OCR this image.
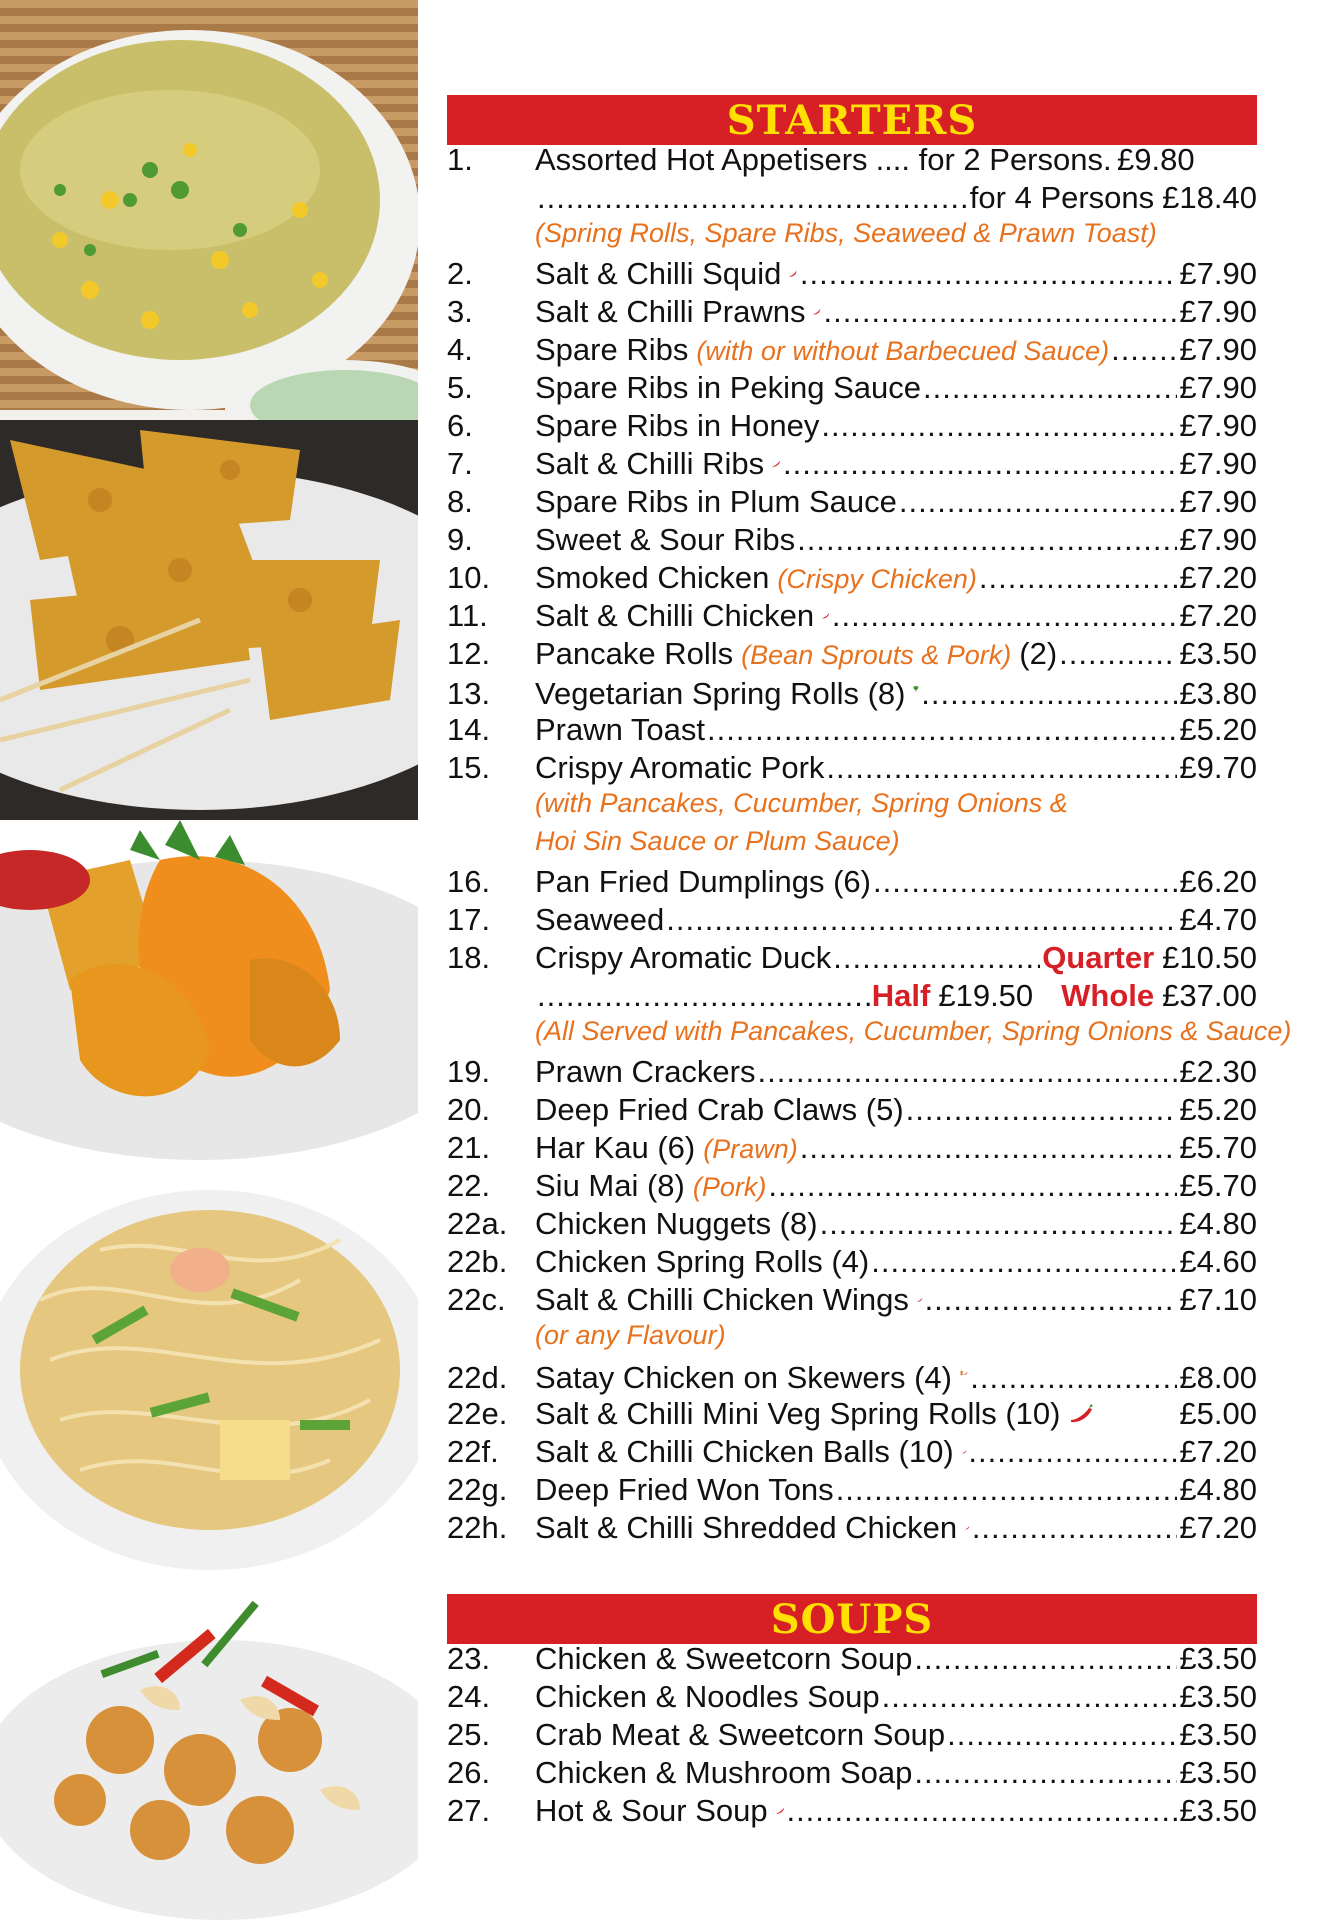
STARTERS
1.	Assorted Hot Appetisers .... for 2 Persons ..... £9.80
.....
for 4 Persons £18.40
(Spring Rolls, Spare Ribs, Seaweed & Prawn Toast)
2.	Salt & Chilli Squid .....	£7.90
3.	Salt & Chilli Prawns .....	£7.90
4.	Spare Ribs (with or without Barbecued Sauce) ..... £7.90
5.	Spare Ribs in Peking Sauce .....	£7.90
6.	Spare Ribs in Honey .....	£7.90
7.	Salt & Chilli Ribs .....	£7.90
8.	Spare Ribs in Plum Sauce .....	£7.90
9.	Sweet & Sour Ribs .....	£7.90
10.	Smoked Chicken (Crispy Chicken) .....	£7.20
11.	Salt & Chilli Chicken .....	£7.20
12.	Pancake Rolls (Bean Sprouts & Pork) (2) .....	£3.50
13.	Vegetarian Spring Rolls (8) .....	£3.80
14.	Prawn Toast .....	£5.20
15.	Crispy Aromatic Pork .....	£9.70
(with Pancakes, Cucumber, Spring Onions &
Hoi Sin Sauce or Plum Sauce)
16.	Pan Fried Dumplings (6) .....	£6.20
17.	Seaweed .....	£4.70
18.	Crispy Aromatic Duck .....	Quarter £10.50
.....
Half £19.50 Whole £37.00
(All Served with Pancakes, Cucumber, Spring Onions & Sauce)
19.	Prawn Crackers .....	£2.30
20.	Deep Fried Crab Claws (5) .....	£5.20
21.	Har Kau (6) (Prawn) .....	£5.70
22.	Siu Mai (8) (Pork) .....	£5.70
22a. Chicken Nuggets (8) .....	£4.80
22b. Chicken Spring Rolls (4) .....	£4.60
22c. Salt & Chilli Chicken Wings .....	£7.10
(or any Flavour)
22d. Satay Chicken on Skewers (4) .....	£8.00
22e. Salt & Chilli Mini Veg Spring Rolls (10)	£5.00
22f.	Salt & Chilli Chicken Balls (10) .....	£7.20
22g. Deep Fried Won Tons .....	£4.80
22h. Salt & Chilli Shredded Chicken .....	£7.20
SOUPS
23.	Chicken & Sweetcorn Soup .....	£3.50
24.	Chicken & Noodles Soup .....	£3.50
25.	Crab Meat & Sweetcorn Soup .....	£3.50
26.	Chicken & Mushroom Soap .....	£3.50
27.	Hot & Sour Soup .....	£3.50
